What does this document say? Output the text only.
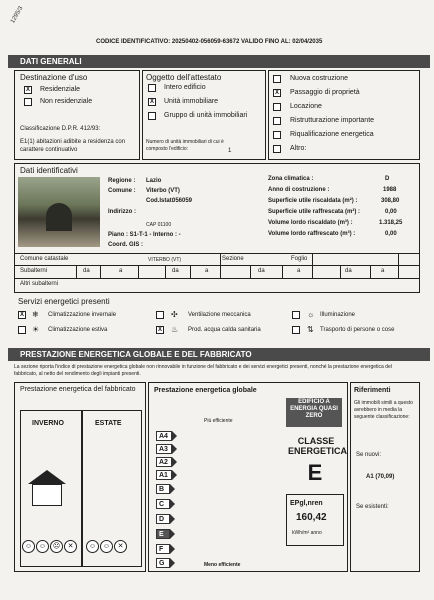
1295/3
CODICE IDENTIFICATIVO: 20250402-056059-63672 VALIDO FINO AL: 02/04/2035
DATI GENERALI
Destinazione d'uso
X Residenziale
Non residenziale
Classificazione D.P.R. 412/93:
E1(1) abitazioni adibite a residenza con carattere continuativo
Oggetto dell'attestato
Intero edificio
X Unità immobiliare
Gruppo di unità immobiliari
Numero di unità immobiliari di cui è composto l'edificio:	1
Nuova costruzione
X Passaggio di proprietà
Locazione
Ristrutturazione importante
Riqualificazione energetica
Altro:
Dati identificativi
Regione : Lazio
Comune : Viterbo (VT)
Cod.Istat:
056059
Indirizzo :
CAP 01100
Piano : S1-T-1 - Interno : -
Coord. GIS :
Zona climatica :	D
Anno di costruzione :	1988
Superficie utile riscaldata (m²) :	308,80
Superficie utile raffrescata (m²) :	0,00
Volume lordo riscaldato (m³) :	1.318,25
Volume lordo raffrescato (m³) :	0,00
Comune catastale	VITERBO (VT)	Sezione	Foglio
Subalterni	da	a	da	a	da	a	da	a
Altri subalterni
Servizi energetici presenti
X ❄ Climatizzazione invernale
☀ Climatizzazione estiva
✣ Ventilazione meccanica
X ♨ Prod. acqua calda sanitaria
☼ Illuminazione
⇅ Trasporto di persone o cose
PRESTAZIONE ENERGETICA GLOBALE E DEL FABBRICATO
La sezione riporta l'indice di prestazione energetica globale non rinnovabile in funzione del fabbricato e dei servizi energetici presenti, nonché la prestazione energetica del fabbricato, al netto del rendimento degli impianti presenti.
Prestazione energetica del fabbricato
INVERNO	ESTATE
☺ ☺ ☹	✕	☺ ☺	✕
Prestazione energetica globale
Più efficiente
Meno efficiente
A4
A3
A2
A1
B
C
D
E
F
G
EDIFICIO A ENERGIA QUASI ZERO
CLASSE ENERGETICA
E
EPgl,nren
160,42
kWh/m² anno
Riferimenti
Gli immobili simili a questo avrebbero in media la seguente classificazione:
Se nuovi:
A1 (70,09)
Se esistenti:
